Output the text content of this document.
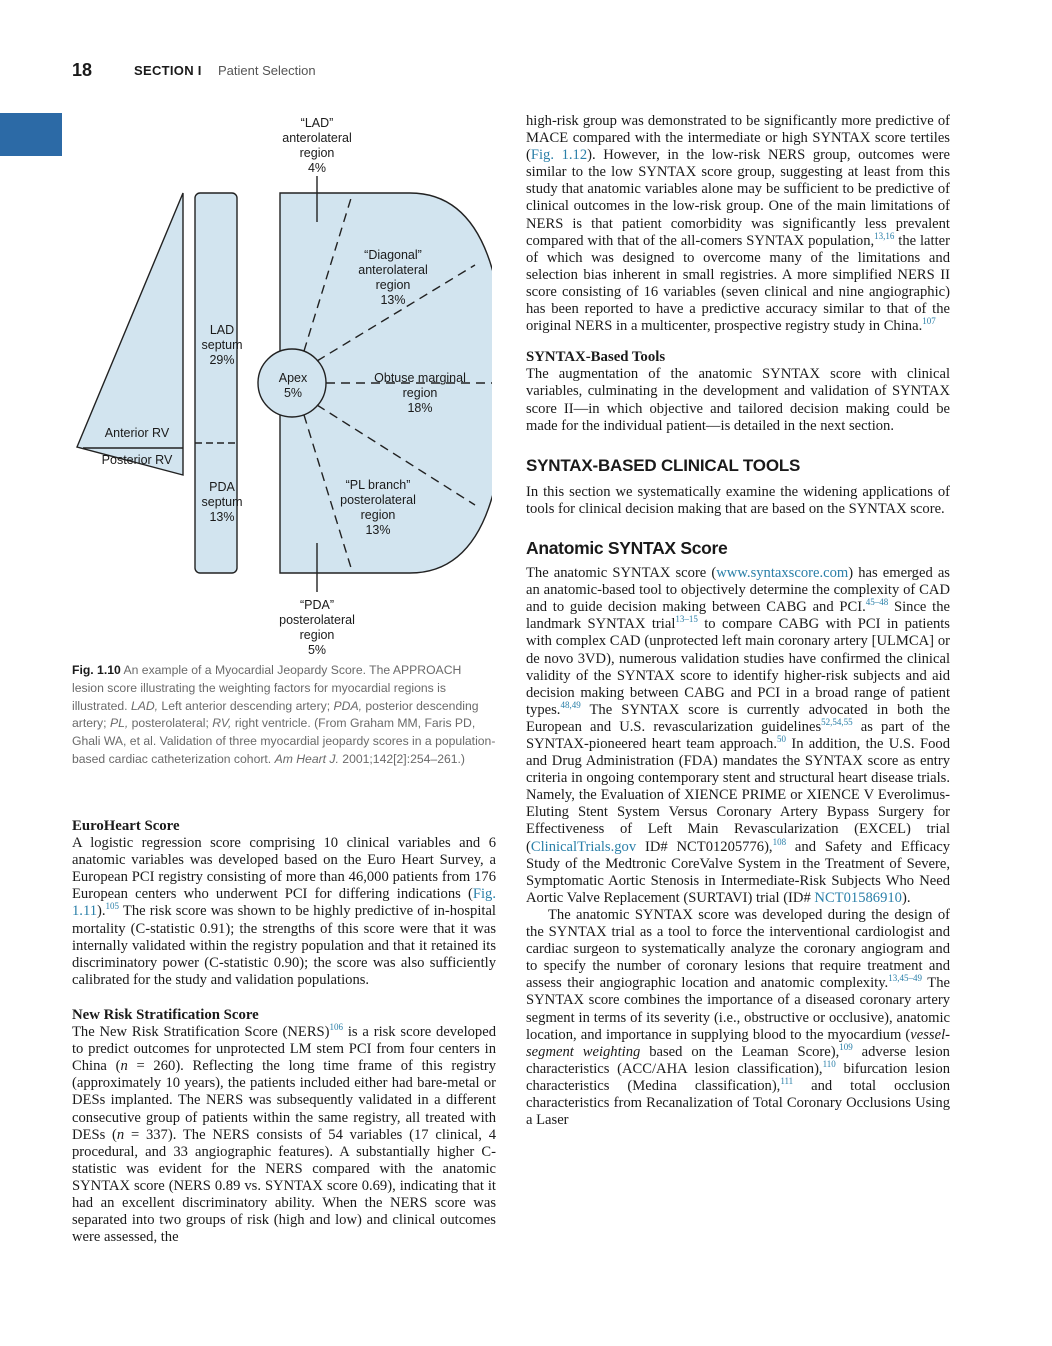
18	SECTION I Patient Selection
“LAD”
anterolateral
region
4%
“Diagonal”
anterolateral
region
13%
LAD
septum
29%
Apex
5%
Obtuse marginal
region
18%
Anterior RV
Posterior RV
PDA
septum
13%
“PL branch”
posterolateral
region
13%
“PDA”
posterolateral
region
5%
Fig. 1.10 An example of a Myocardial Jeopardy Score. The APPROACH lesion score illustrating the weighting factors for myocardial regions is illustrated. LAD, Left anterior descending artery; PDA, posterior descending artery; PL, posterolateral; RV, right ventricle. (From Graham MM, Faris PD, Ghali WA, et al. Validation of three myocardial jeopardy scores in a population-based cardiac catheterization cohort. Am Heart J. 2001;142[2]:254–261.)

EuroHeart Score

A logistic regression score comprising 10 clinical variables and 6 anatomic variables was developed based on the Euro Heart Survey, a European PCI registry consisting of more than 46,000 patients from 176 European centers who underwent PCI for differing indications (Fig. 1.11).$^{105}$ The risk score was shown to be highly predictive of in-hospital mortality (C-statistic 0.91); the strengths of this score were that it was internally validated within the registry population and that it retained its discriminatory power (C-statistic 0.90); the score was also sufficiently calibrated for the study and validation populations.

New Risk Stratification Score

The New Risk Stratification Score (NERS)$^{106}$ is a risk score developed to predict outcomes for unprotected LM stem PCI from four centers in China (n = 260). Reflecting the long time frame of this registry (approximately 10 years), the patients included either had bare-metal or DESs implanted. The NERS was subsequently validated in a different consecutive group of patients within the same registry, all treated with DESs (n = 337). The NERS consists of 54 variables (17 clinical, 4 procedural, and 33 angiographic features). A substantially higher C-statistic was evident for the NERS compared with the anatomic SYNTAX score (NERS 0.89 vs. SYNTAX score 0.69), indicating that it had an excellent discriminatory ability. When the NERS score was separated into two groups of risk (high and low) and clinical outcomes were assessed, the

high-risk group was demonstrated to be significantly more predictive of MACE compared with the intermediate or high SYNTAX score tertiles (Fig. 1.12). However, in the low-risk NERS group, outcomes were similar to the low SYNTAX score group, suggesting at least from this study that anatomic variables alone may be sufficient to be predictive of clinical outcomes in the low-risk group. One of the main limitations of NERS is that patient comorbidity was significantly less prevalent compared with that of the all-comers SYNTAX population,$^{13,16}$ the latter of which was designed to overcome many of the limitations and selection bias inherent in small registries. A more simplified NERS II score consisting of 16 variables (seven clinical and nine angiographic) has been reported to have a predictive accuracy similar to that of the original NERS in a multicenter, prospective registry study in China.$^{107}$

SYNTAX-Based Tools

The augmentation of the anatomic SYNTAX score with clinical variables, culminating in the development and validation of SYNTAX score II—in which objective and tailored decision making could be made for the individual patient—is detailed in the next section.

SYNTAX-BASED CLINICAL TOOLS

In this section we systematically examine the widening applications of tools for clinical decision making that are based on the SYNTAX score.

Anatomic SYNTAX Score

The anatomic SYNTAX score (www.syntaxscore.com) has emerged as an anatomic-based tool to objectively determine the complexity of CAD and to guide decision making between CABG and PCI.$^{45-48}$ Since the landmark SYNTAX trial$^{13-15}$ to compare CABG with PCI in patients with complex CAD (unprotected left main coronary artery [ULMCA] or de novo 3VD), numerous validation studies have confirmed the clinical validity of the SYNTAX score to identify higher-risk subjects and aid decision making between CABG and PCI in a broad range of patient types.$^{48,49}$ The SYNTAX score is currently advocated in both the European and U.S. revascularization guidelines$^{52,54,55}$ as part of the SYNTAX-pioneered heart team approach.$^{50}$ In addition, the U.S. Food and Drug Administration (FDA) mandates the SYNTAX score as entry criteria in ongoing contemporary stent and structural heart disease trials. Namely, the Evaluation of XIENCE PRIME or XIENCE V Everolimus-Eluting Stent System Versus Coronary Artery Bypass Surgery for Effectiveness of Left Main Revascularization (EXCEL) trial (ClinicalTrials.gov ID# NCT01205776),$^{108}$ and Safety and Efficacy Study of the Medtronic CoreValve System in the Treatment of Severe, Symptomatic Aortic Stenosis in Intermediate-Risk Subjects Who Need Aortic Valve Replacement (SURTAVI) trial (ID# NCT01586910).

The anatomic SYNTAX score was developed during the design of the SYNTAX trial as a tool to force the interventional cardiologist and cardiac surgeon to systematically analyze the coronary angiogram and to specify the number of coronary lesions that require treatment and assess their angiographic location and anatomic complexity.$^{13,45-49}$ The SYNTAX score combines the importance of a diseased coronary artery segment in terms of its severity (i.e., obstructive or occlusive), anatomic location, and importance in supplying blood to the myocardium (vessel-segment weighting based on the Leaman Score),$^{109}$ adverse lesion characteristics (ACC/AHA lesion classification),$^{110}$ bifurcation lesion characteristics (Medina classification),$^{111}$ and total occlusion characteristics from Recanalization of Total Coronary Occlusions Using a Laser
